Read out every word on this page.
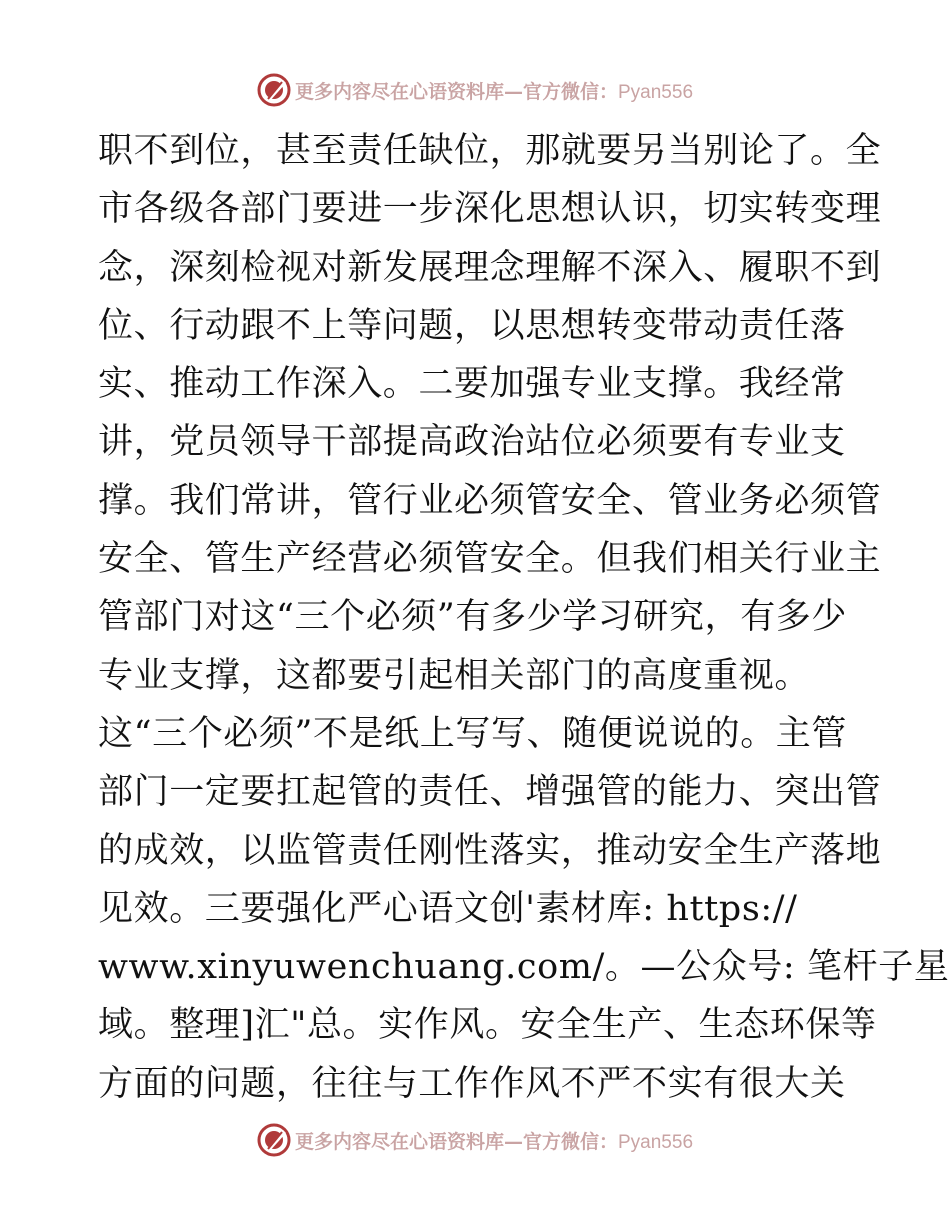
更多内容尽在心语资料库—官方微信：Pyan556
职不到位，甚至责任缺位，那就要另当别论了。全
市各级各部门要进一步深化思想认识，切实转变理
念，深刻检视对新发展理念理解不深入、履职不到
位、行动跟不上等问题，以思想转变带动责任落
实、推动工作深入。二要加强专业支撑。我经常
讲，党员领导干部提高政治站位必须要有专业支
撑。我们常讲，管行业必须管安全、管业务必须管
安全、管生产经营必须管安全。但我们相关行业主
管部门对这“三个必须”有多少学习研究，有多少
专业支撑，这都要引起相关部门的高度重视。
这“三个必须”不是纸上写写、随便说说的。主管
部门一定要扛起管的责任、增强管的能力、突出管
的成效，以监管责任刚性落实，推动安全生产落地
见效。三要强化严心语文创'素材库: https://
www.xinyuwenchuang.com/。—公众号: 笔杆子星
域。整理]汇"总。实作风。安全生产、生态环保等
方面的问题，往往与工作作风不严不实有很大关
更多内容尽在心语资料库—官方微信：Pyan556
